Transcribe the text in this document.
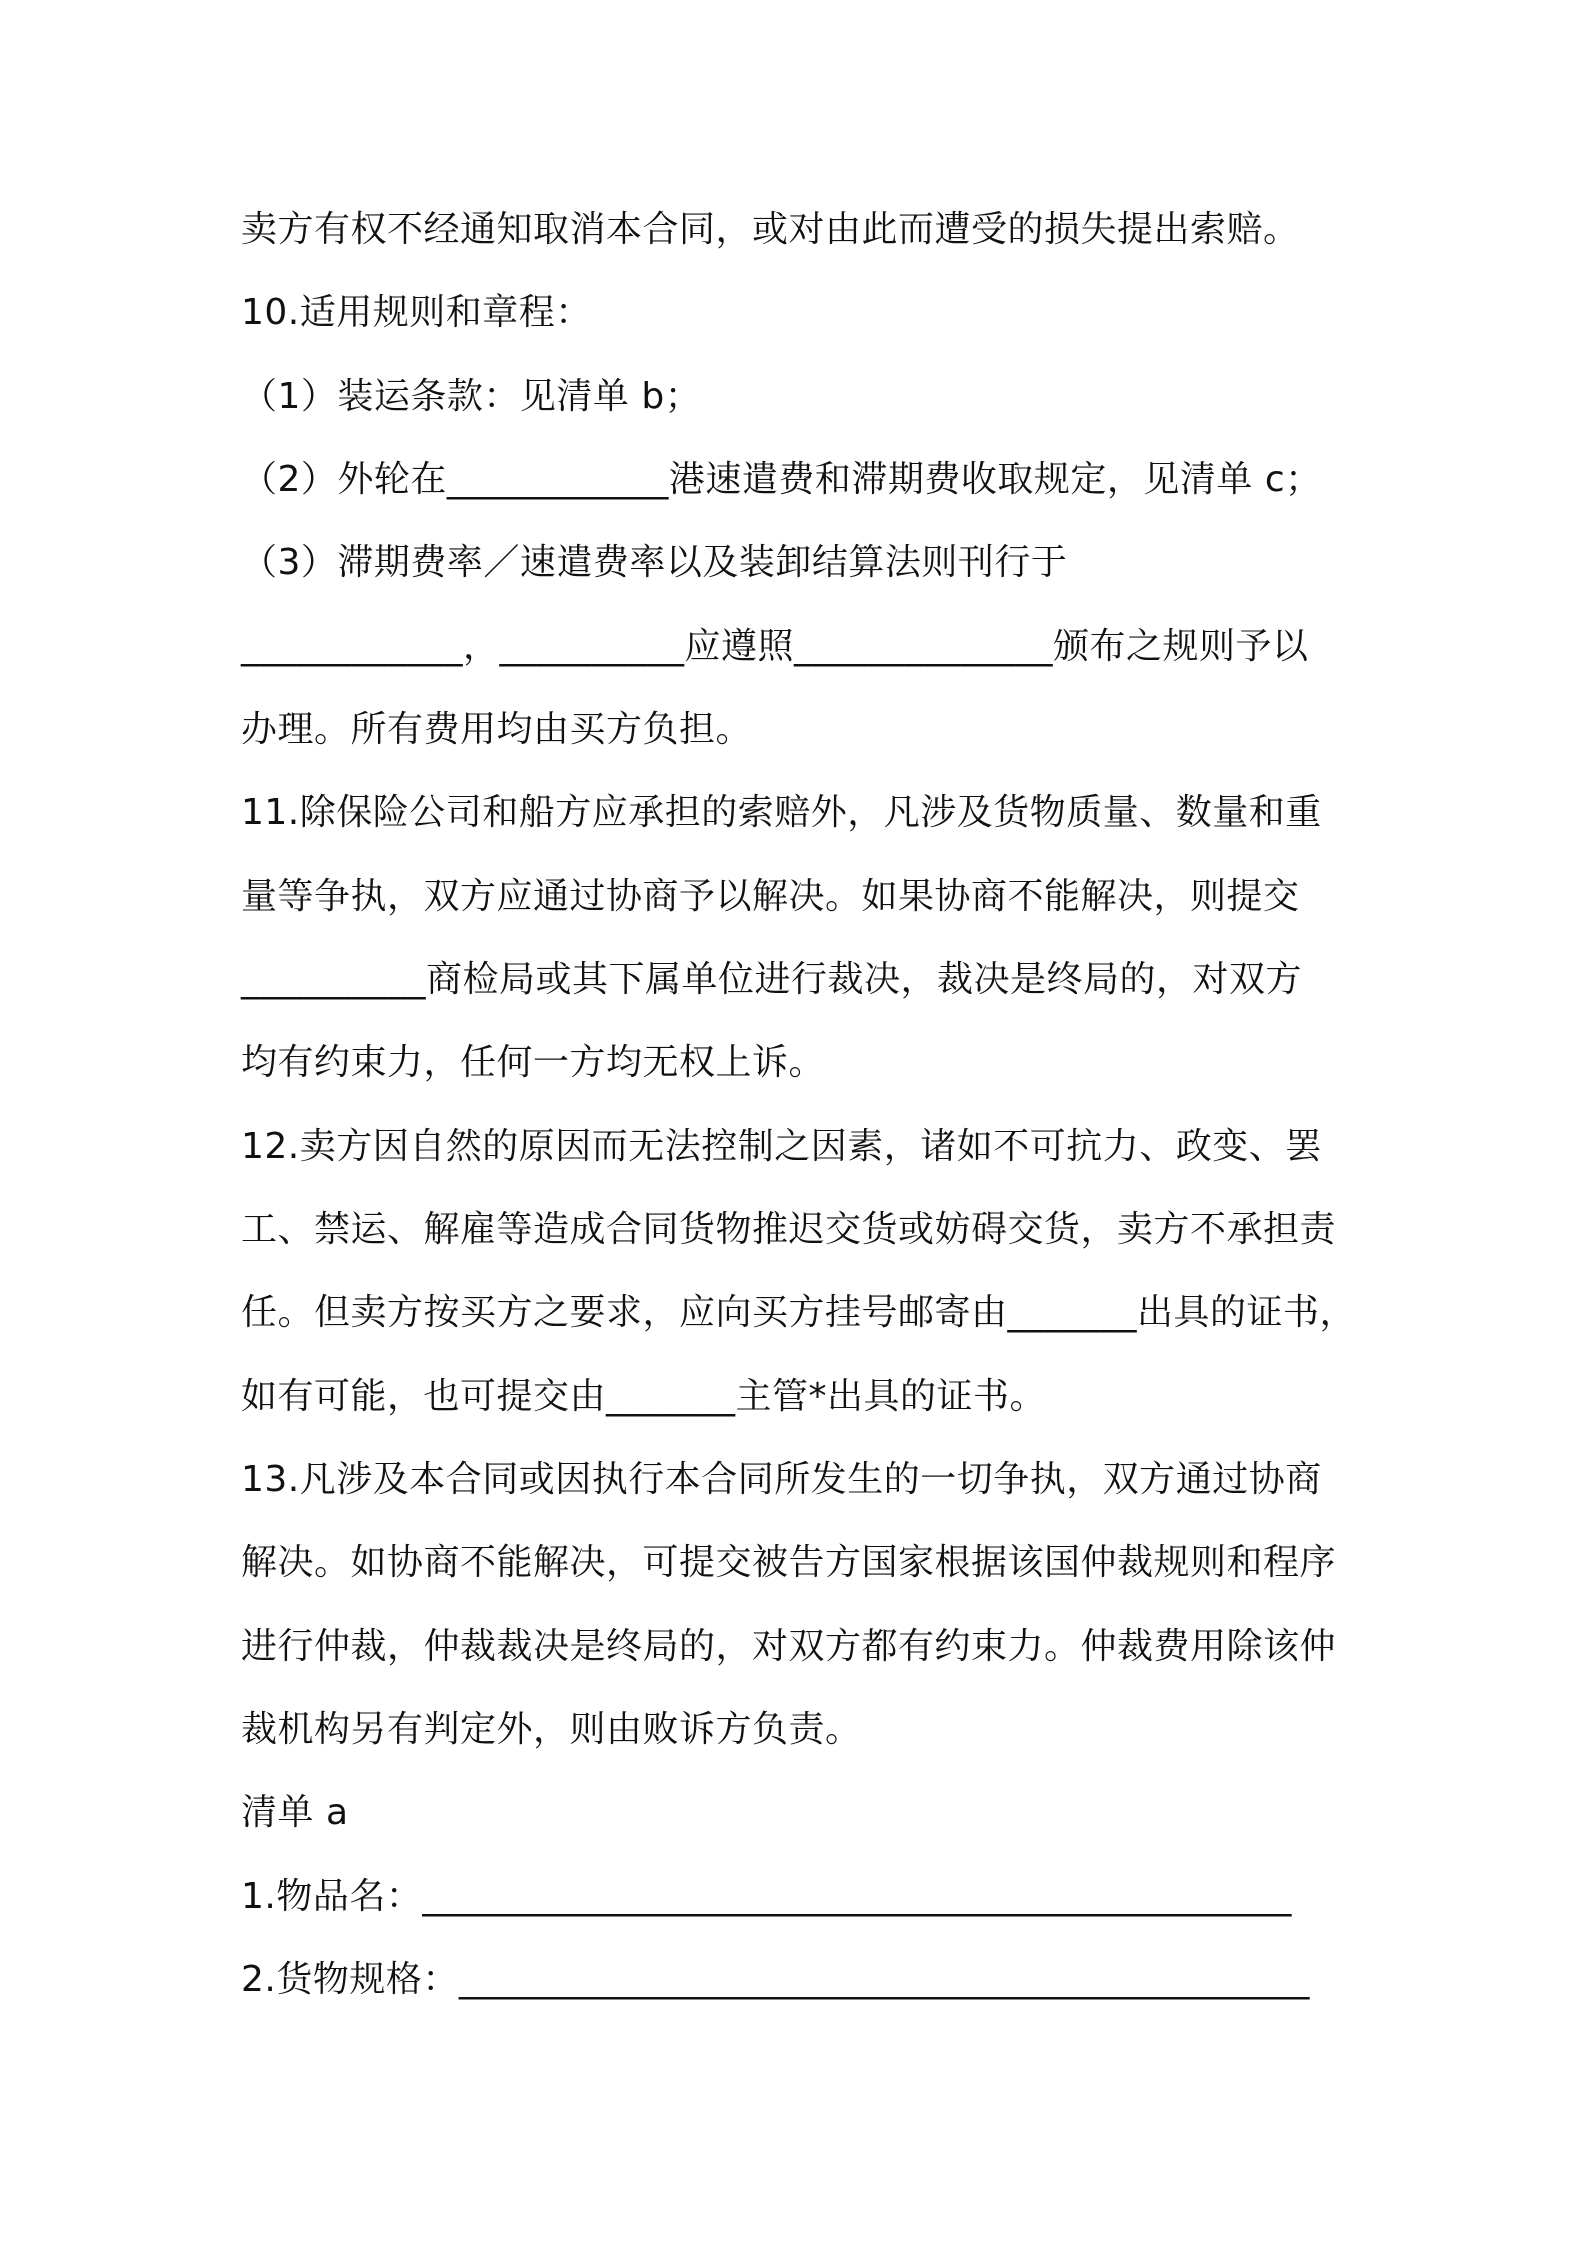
卖方有权不经通知取消本合同，或对由此而遭受的损失提出索赔。
10.适用规则和章程：
（1）装运条款：见清单 b；
（2）外轮在____________港速遣费和滞期费收取规定，见清单 c；
（3）滞期费率／速遣费率以及装卸结算法则刊行于
____________，__________应遵照______________颁布之规则予以
办理。所有费用均由买方负担。
11.除保险公司和船方应承担的索赔外，凡涉及货物质量、数量和重
量等争执，双方应通过协商予以解决。如果协商不能解决，则提交
__________商检局或其下属单位进行裁决，裁决是终局的，对双方
均有约束力，任何一方均无权上诉。
12.卖方因自然的原因而无法控制之因素，诸如不可抗力、政变、罢
工、禁运、解雇等造成合同货物推迟交货或妨碍交货，卖方不承担责
任。但卖方按买方之要求，应向买方挂号邮寄由_______出具的证书，
如有可能，也可提交由_______主管*出具的证书。
13.凡涉及本合同或因执行本合同所发生的一切争执，双方通过协商
解决。如协商不能解决，可提交被告方国家根据该国仲裁规则和程序
进行仲裁，仲裁裁决是终局的，对双方都有约束力。仲裁费用除该仲
裁机构另有判定外，则由败诉方负责。
清单 a
1.物品名：_______________________________________________
2.货物规格：______________________________________________
